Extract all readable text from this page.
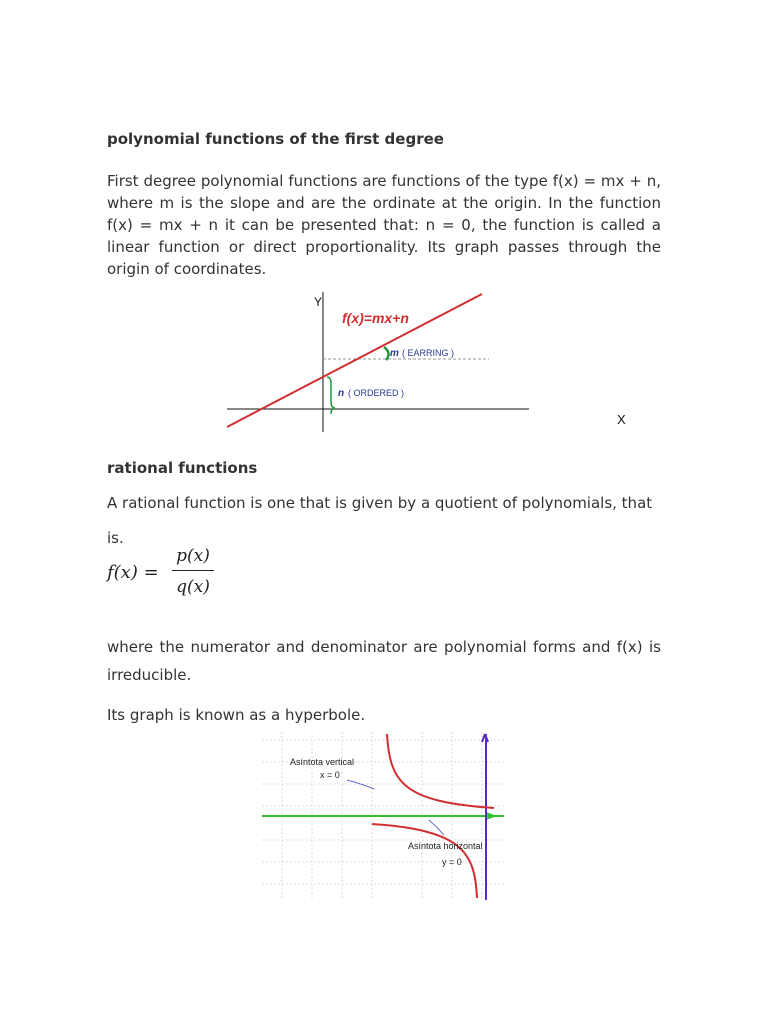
polynomial functions of the first degree
First degree polynomial functions are functions of the type f(x) = mx + n, where m is the slope and are the ordinate at the origin. In the function f(x) = mx + n it can be presented that: n = 0, the function is called a linear function or direct proportionality. Its graph passes through the origin of coordinates.
Y
X
f(x)=mx+n
m ( EARRING )
n ( ORDERED )
rational functions
A rational function is one that is given by a quotient of polynomials, that
is.
f(x) =
p(x)
q(x)
where the numerator and denominator are polynomial forms and f(x) is irreducible.
Its graph is known as a hyperbole.
Asíntota vertical
x = 0
Asíntota horizontal
y = 0
